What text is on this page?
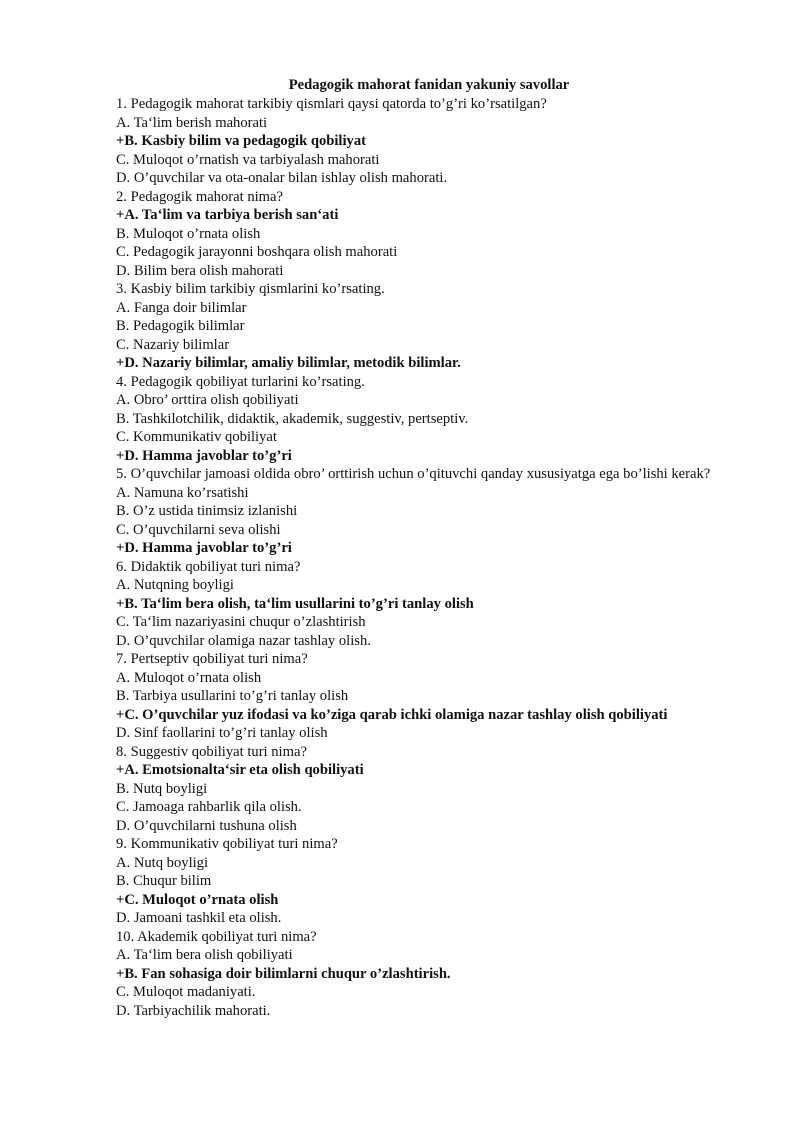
Pedagogik mahorat fanidan yakuniy savollar
1. Pedagogik mahorat tarkibiy qismlari qaysi qatorda to’g’ri ko’rsatilgan?
A. Ta‘lim berish mahorati
+B. Kasbiy bilim va pedagogik qobiliyat
C. Muloqot o’rnatish va tarbiyalash mahorati
D. O’quvchilar va ota-onalar bilan ishlay olish mahorati.
2. Pedagogik mahorat nima?
+A. Ta‘lim va tarbiya berish san‘ati
B. Muloqot o’rnata olish
C. Pedagogik jarayonni boshqara olish mahorati
D. Bilim bera olish mahorati
3. Kasbiy bilim tarkibiy qismlarini ko’rsating.
A. Fanga doir bilimlar
B. Pedagogik bilimlar
C. Nazariy bilimlar
+D. Nazariy bilimlar, amaliy bilimlar, metodik bilimlar.
4. Pedagogik qobiliyat turlarini ko’rsating.
A. Obro’ orttira olish qobiliyati
B. Tashkilotchilik, didaktik, akademik, suggestiv, pertseptiv.
C. Kommunikativ qobiliyat
+D. Hamma javoblar to’g’ri
5. O’quvchilar jamoasi oldida obro’ orttirish uchun o’qituvchi qanday xususiyatga ega bo’lishi kerak?
A. Namuna ko’rsatishi
B. O’z ustida tinimsiz izlanishi
C. O’quvchilarni seva olishi
+D. Hamma javoblar to’g’ri
6. Didaktik qobiliyat turi nima?
A. Nutqning boyligi
+B. Ta‘lim bera olish, ta‘lim usullarini to’g’ri tanlay olish
C. Ta‘lim nazariyasini chuqur o’zlashtirish
D. O’quvchilar olamiga nazar tashlay olish.
7. Pertseptiv qobiliyat turi nima?
A. Muloqot o’rnata olish
B. Tarbiya usullarini to’g’ri tanlay olish
+C. O’quvchilar yuz ifodasi va ko’ziga qarab ichki olamiga nazar tashlay olish qobiliyati
D. Sinf faollarini to’g’ri tanlay olish
8. Suggestiv qobiliyat turi nima?
+A. Emotsionalta‘sir eta olish qobiliyati
B. Nutq boyligi
C. Jamoaga rahbarlik qila olish.
D. O’quvchilarni tushuna olish
9. Kommunikativ qobiliyat turi nima?
A. Nutq boyligi
B. Chuqur bilim
+C. Muloqot o’rnata olish
D. Jamoani tashkil eta olish.
10. Akademik qobiliyat turi nima?
A. Ta‘lim bera olish qobiliyati
+B. Fan sohasiga doir bilimlarni chuqur o’zlashtirish.
C. Muloqot madaniyati.
D. Tarbiyachilik mahorati.
